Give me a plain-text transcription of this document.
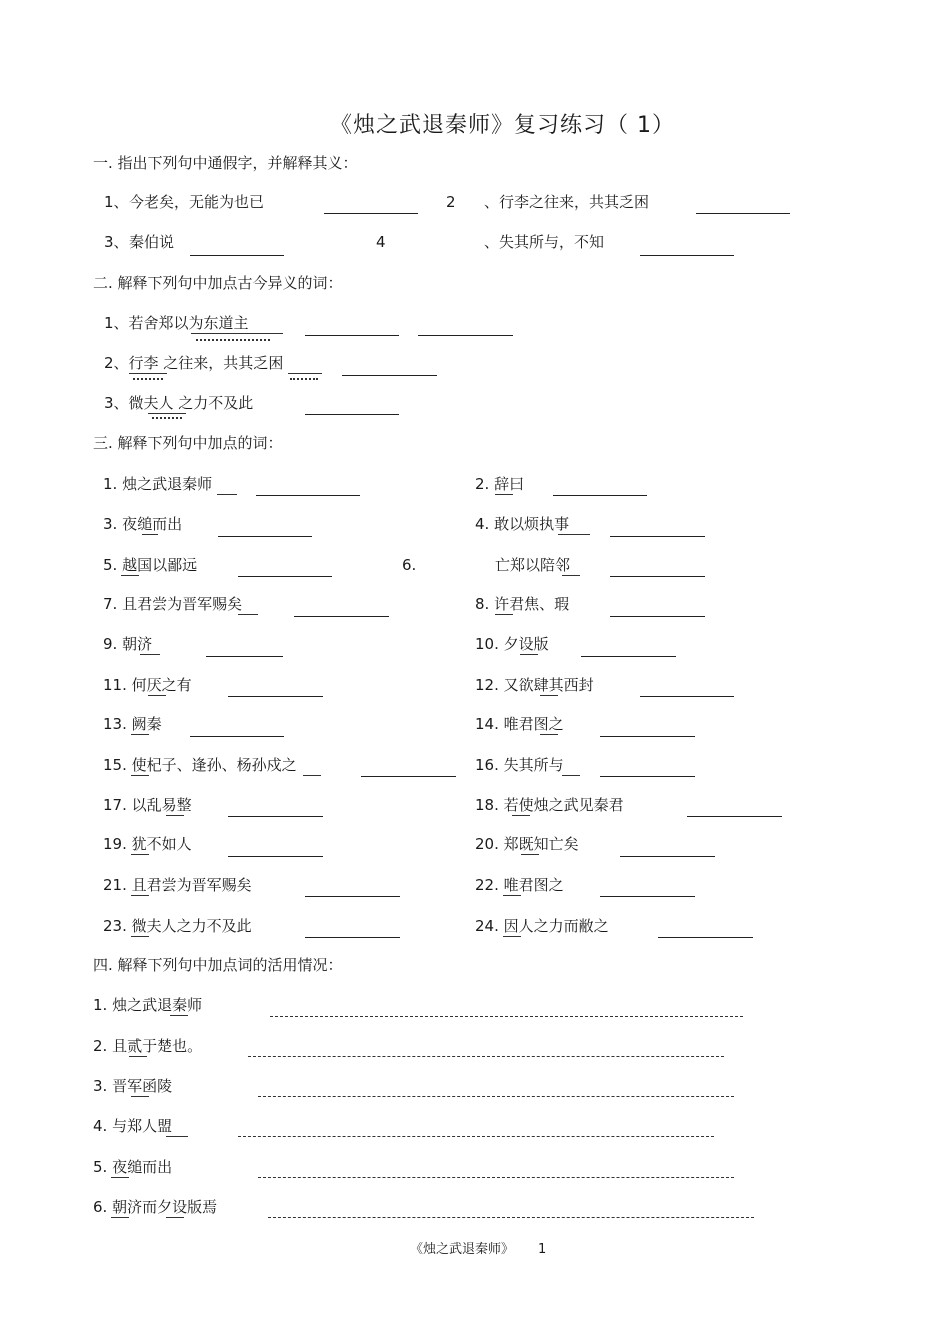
《烛之武退秦师》复习练习（ 1）
一. 指出下列句中通假字，并解释其义：
1、 今老矣，无能为也已	2 、行李之往来，共其乏困
3、 秦伯说	4	、失其所与，不知
二. 解释下列句中加点古今异义的词：
1、若舍郑以为东道主
2、行李 之往来，共其乏困
3、微夫人 之力不及此
三. 解释下列句中加点的词：
1. 烛之武退秦师	2. 辞曰
3. 夜缒而出	4. 敢以烦执事
5. 越国以鄙远	6.	亡郑以陪邻
7. 且君尝为晋军赐矣	8. 许君焦、瑕
9. 朝济	10. 夕设版
11. 何厌之有	12. 又欲肆其西封
13. 阙秦	14. 唯君图之
15. 使杞子、逢孙、杨孙戍之	16. 失其所与
17. 以乱易整	18. 若使烛之武见秦君
19. 犹不如人	20. 郑既知亡矣
21. 且君尝为晋军赐矣	22. 唯君图之
23. 微夫人之力不及此	24. 因人之力而敝之
四. 解释下列句中加点词的活用情况：
1. 烛之武退秦师
2. 且贰于楚也。
3. 晋军函陵
4. 与郑人盟
5. 夜缒而出
6. 朝济而夕设版焉
《烛之武退秦师》 1
